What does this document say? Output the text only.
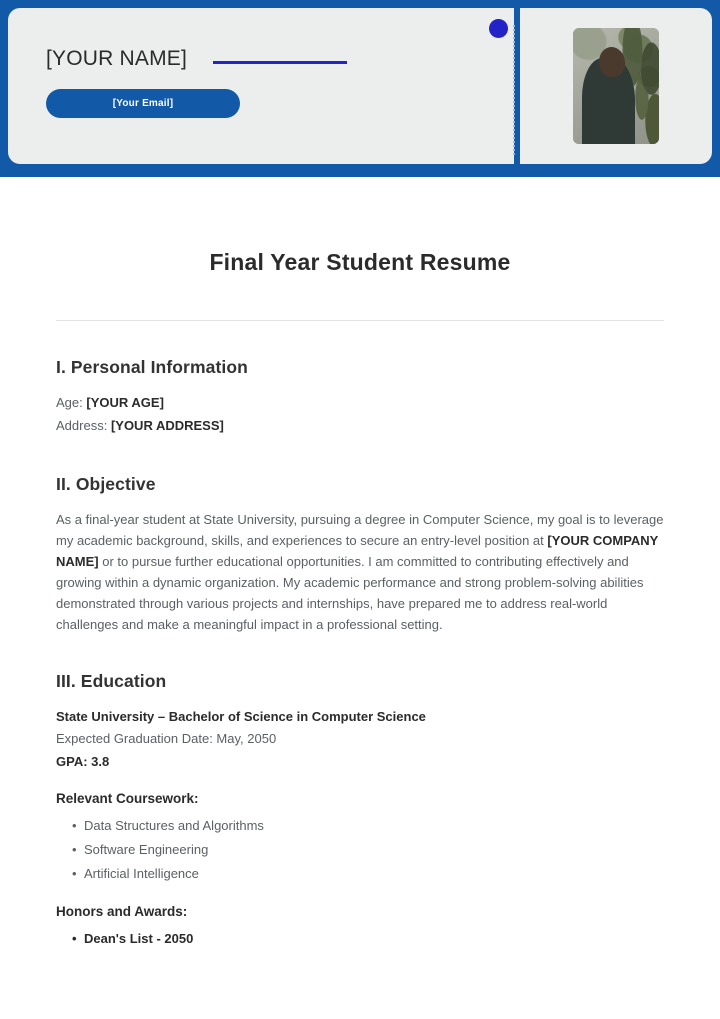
[YOUR NAME]
[Your Email]
Final Year Student Resume
I. Personal Information
Age: [YOUR AGE]
Address: [YOUR ADDRESS]
II. Objective

As a final-year student at State University, pursuing a degree in Computer Science, my goal is to leverage my academic background, skills, and experiences to secure an entry-level position at [YOUR COMPANY NAME] or to pursue further educational opportunities. I am committed to contributing effectively and growing within a dynamic organization. My academic performance and strong problem-solving abilities demonstrated through various projects and internships, have prepared me to address real-world challenges and make a meaningful impact in a professional setting.

III. Education
State University – Bachelor of Science in Computer Science
Expected Graduation Date: May, 2050
GPA: 3.8
Relevant Coursework:
• Data Structures and Algorithms
• Software Engineering
• Artificial Intelligence
Honors and Awards:
• Dean's List - 2050
